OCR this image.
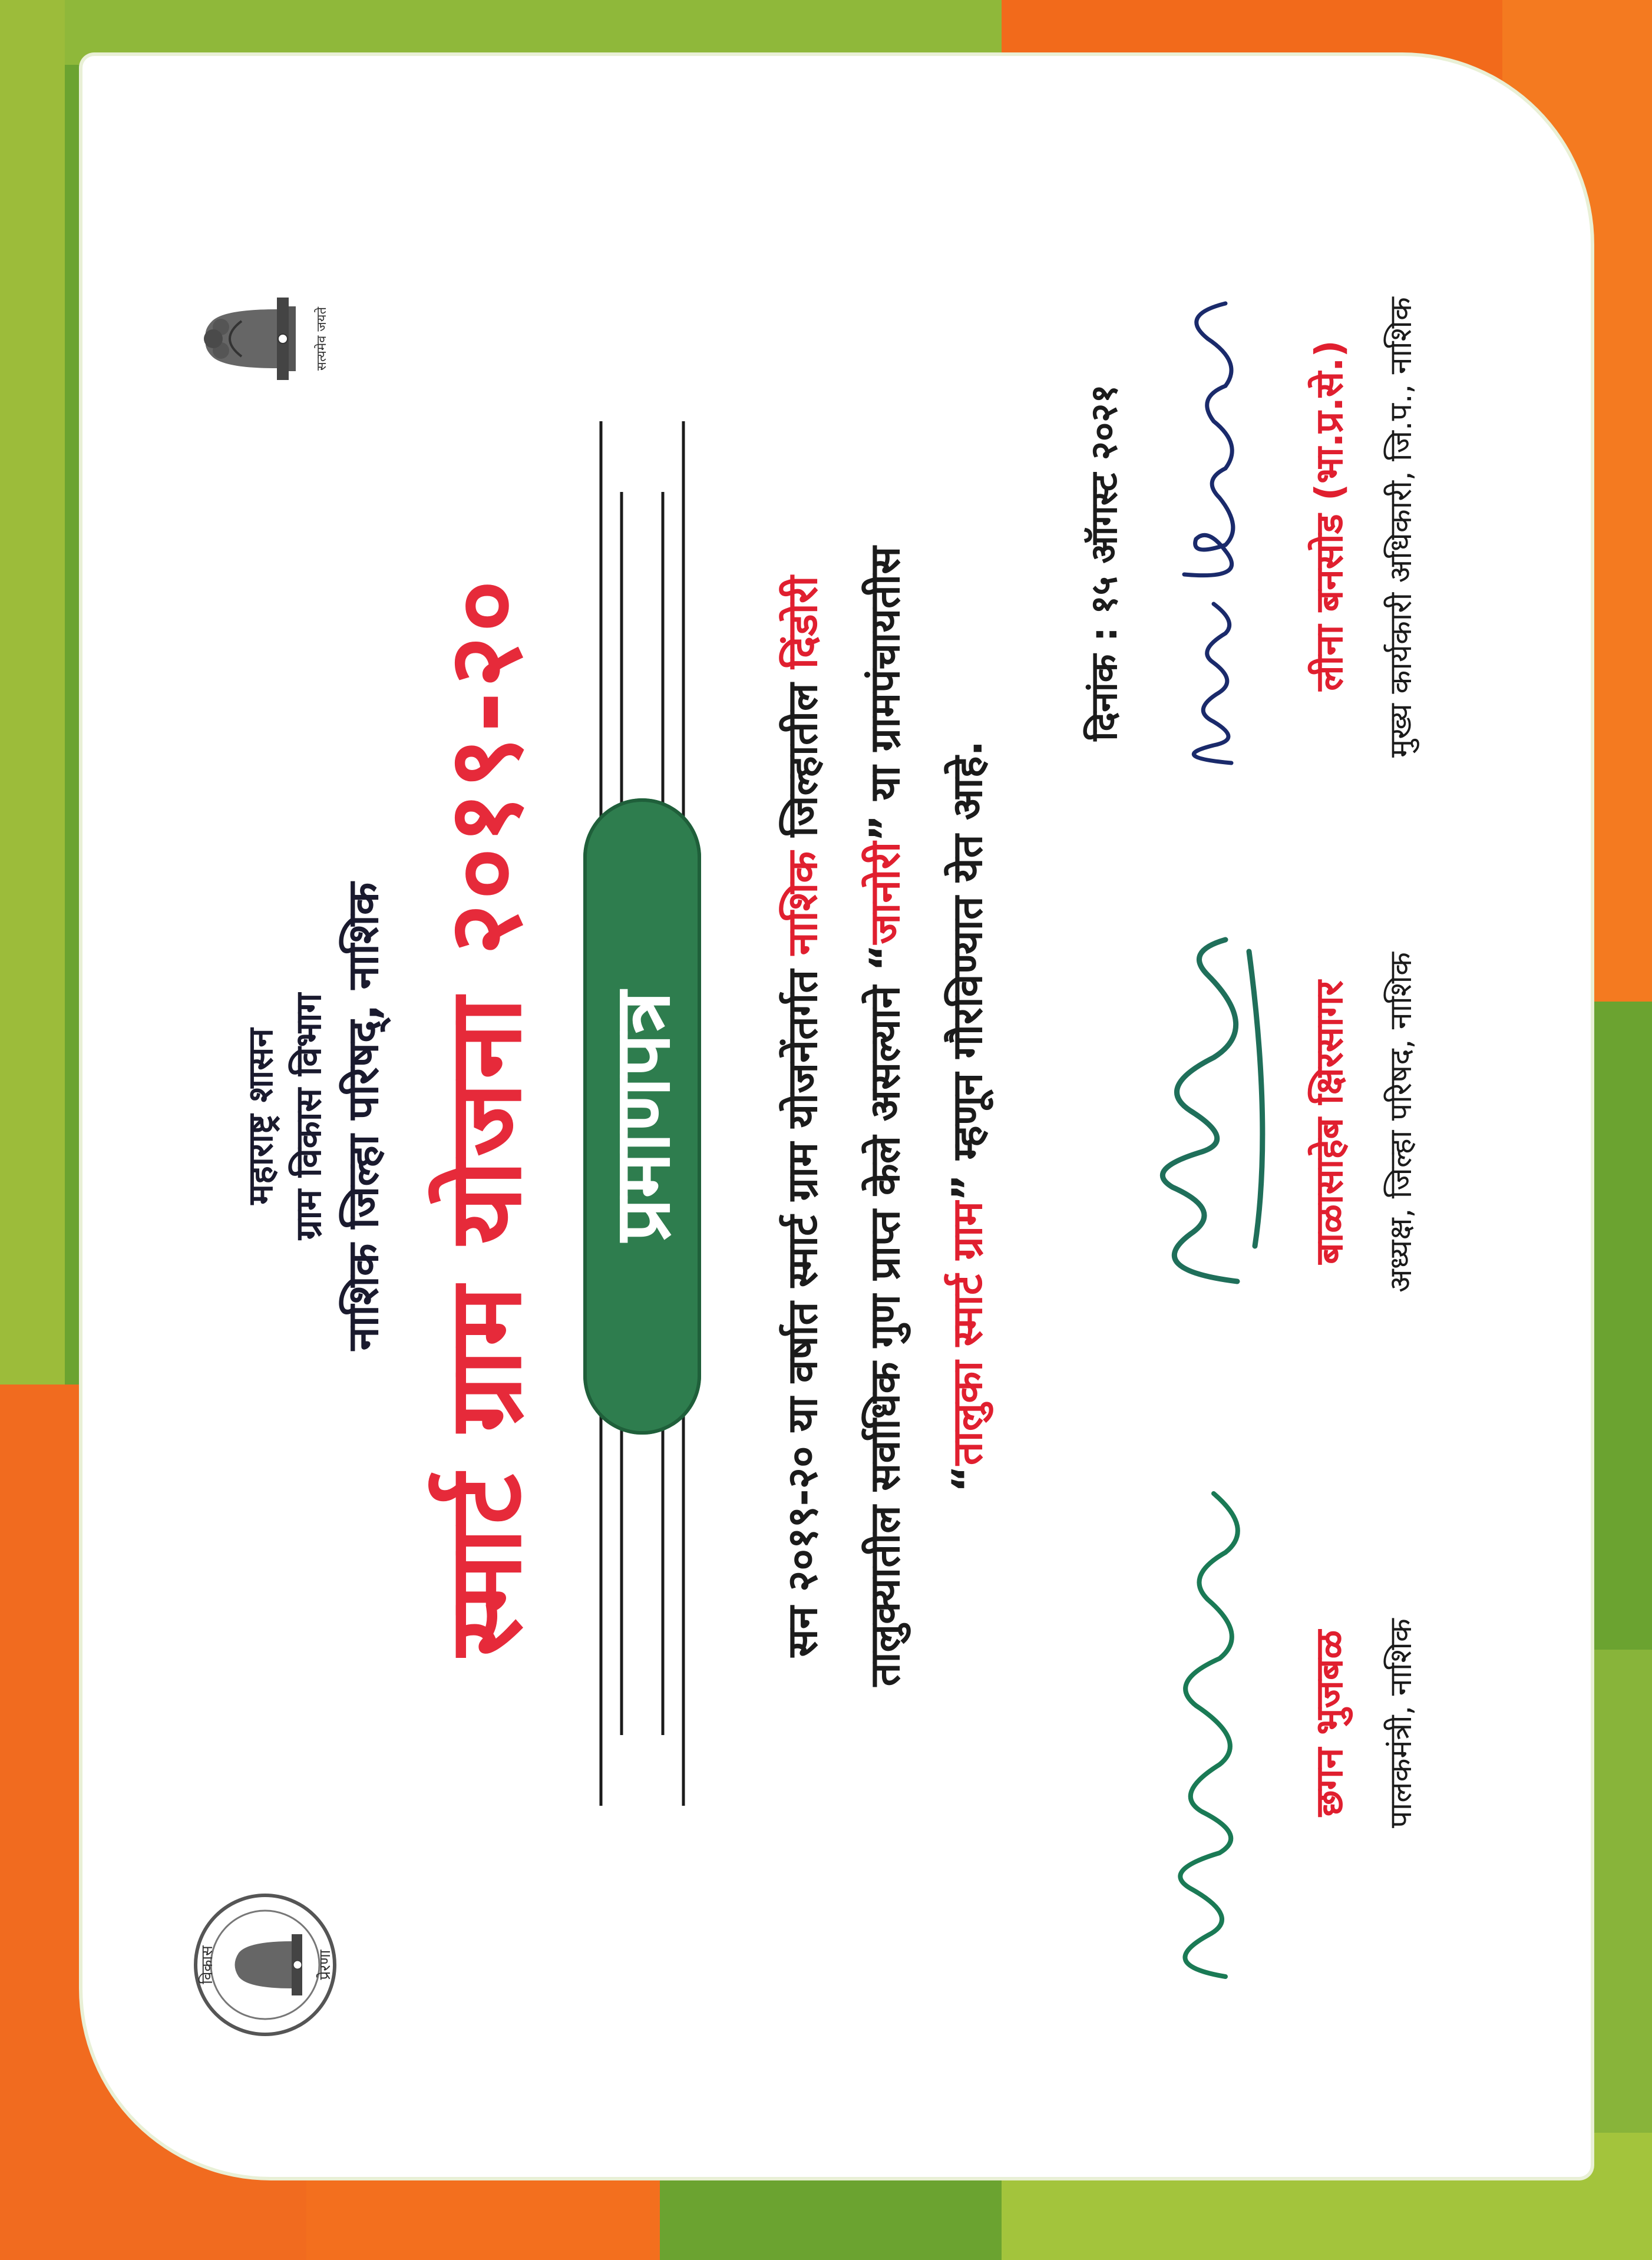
सत्यमेव जयते
विकास	प्रेरणा
महाराष्ट्र शासन ग्राम विकास विभाग नाशिक जिल्हा परिषद्, नाशिक स्मार्ट ग्राम योजना २०१९-२० प्रमाणपत्र	सन २०१९-२० या वर्षात स्मार्ट ग्राम योजनेंतर्गत नाशिक जिल्हातील दिंडोरी
तालुक्यातील सर्वाधिक गुण प्राप्त केले असल्याने “जानोरी” या ग्रामपंचायतीस
“तालुका स्मार्ट ग्राम” म्हणून गौरविण्यात येत आहे.
दिनांक : १५ ऑगस्ट २०२१	लीना बनसोड (भा.प्र.से.) मुख्य कार्यकारी अधिकारी, जि.प., नाशिक
बाळासाहेब क्षिरसागर अध्यक्ष, जिल्हा परिषद, नाशिक
छगन भुजबळ पालकमंत्री, नाशिक
